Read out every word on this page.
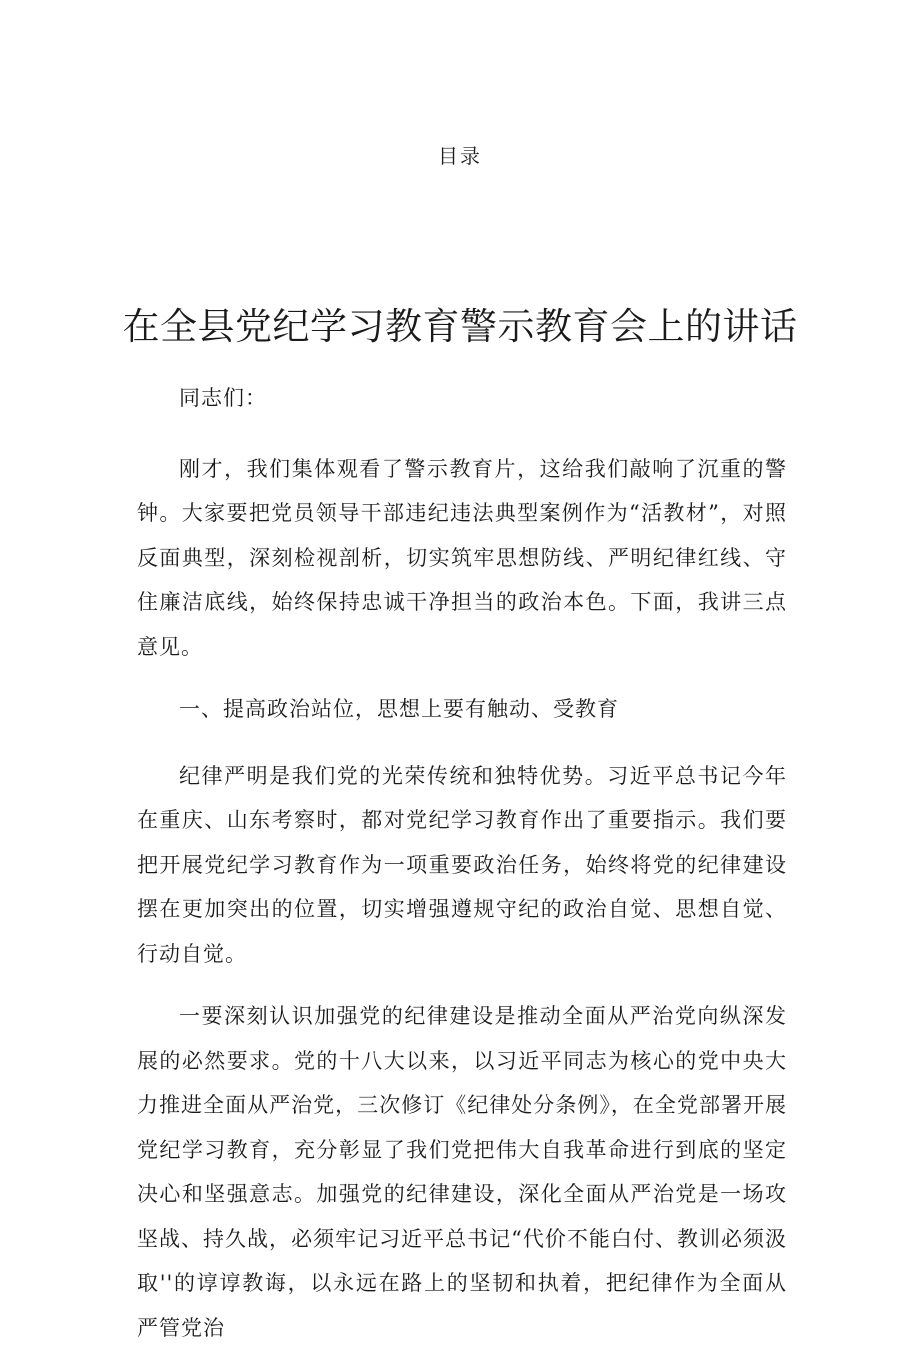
目录
在全县党纪学习教育警示教育会上的讲话

同志们：

刚才，我们集体观看了警示教育片，这给我们敲响了沉重的警钟。大家要把党员领导干部违纪违法典型案例作为“活教材”，对照反面典型，深刻检视剖析，切实筑牢思想防线、严明纪律红线、守住廉洁底线，始终保持忠诚干净担当的政治本色。下面，我讲三点意见。

一、提高政治站位，思想上要有触动、受教育

纪律严明是我们党的光荣传统和独特优势。习近平总书记今年在重庆、山东考察时，都对党纪学习教育作出了重要指示。我们要把开展党纪学习教育作为一项重要政治任务，始终将党的纪律建设摆在更加突出的位置，切实增强遵规守纪的政治自觉、思想自觉、行动自觉。

一要深刻认识加强党的纪律建设是推动全面从严治党向纵深发展的必然要求。党的十八大以来，以习近平同志为核心的党中央大力推进全面从严治党，三次修订《纪律处分条例》，在全党部署开展党纪学习教育，充分彰显了我们党把伟大自我革命进行到底的坚定决心和坚强意志。加强党的纪律建设，深化全面从严治党是一场攻坚战、持久战，必须牢记习近平总书记“代价不能白付、教训必须汲取''的谆谆教诲，以永远在路上的坚韧和执着，把纪律作为全面从严管党治
